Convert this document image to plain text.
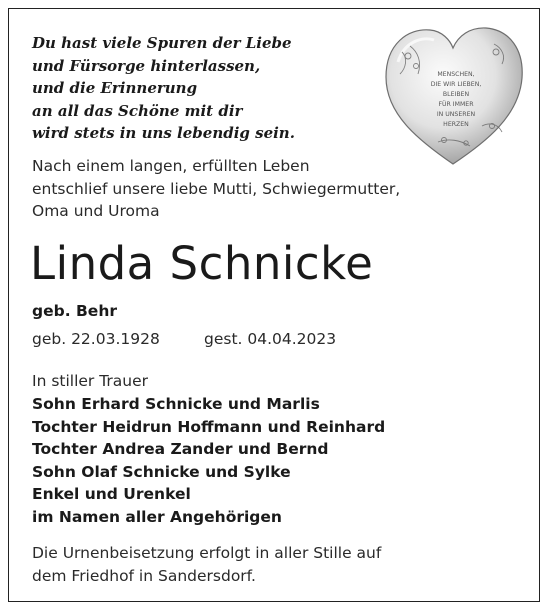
Du hast viele Spuren der Liebe
und Fürsorge hinterlassen,
und die Erinnerung
an all das Schöne mit dir
wird stets in uns lebendig sein.
MENSCHEN,
DIE WIR LIEBEN,
BLEIBEN
FÜR IMMER
IN UNSEREN
HERZEN
Nach einem langen, erfüllten Leben
entschlief unsere liebe Mutti, Schwiegermutter,
Oma und Uroma
Linda Schnicke
geb. Behr
geb. 22.03.1928	gest. 04.04.2023
In stiller Trauer
Sohn Erhard Schnicke und Marlis
Tochter Heidrun Hoffmann und Reinhard
Tochter Andrea Zander und Bernd
Sohn Olaf Schnicke und Sylke
Enkel und Urenkel
im Namen aller Angehörigen
Die Urnenbeisetzung erfolgt in aller Stille auf
dem Friedhof in Sandersdorf.
